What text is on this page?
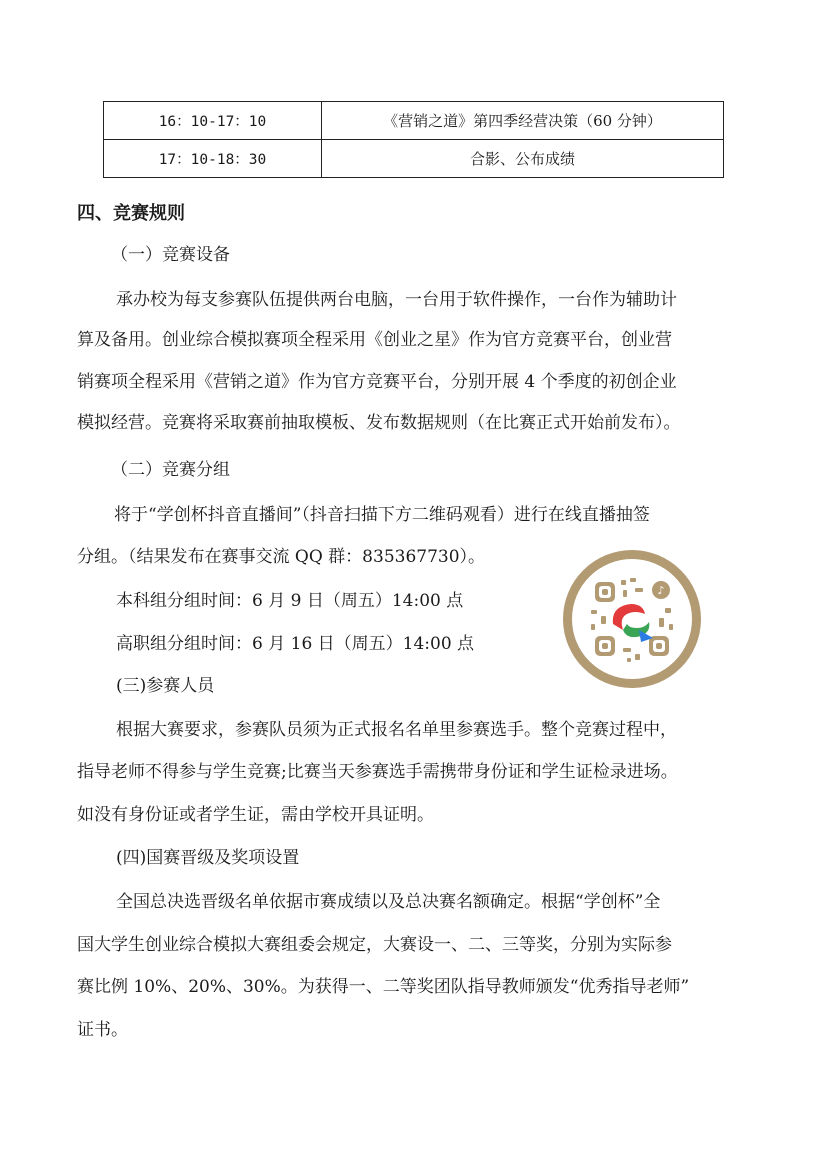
16：10-17：10	《营销之道》第四季经营决策（60 分钟）
17：10-18：30	合影、公布成绩
四、竞赛规则
（一）竞赛设备
承办校为每支参赛队伍提供两台电脑，一台用于软件操作，一台作为辅助计
算及备用。创业综合模拟赛项全程采用《创业之星》作为官方竞赛平台，创业营
销赛项全程采用《营销之道》作为官方竞赛平台，分别开展 4 个季度的初创企业
模拟经营。竞赛将采取赛前抽取模板、发布数据规则（在比赛正式开始前发布）。
（二）竞赛分组
将于“学创杯抖音直播间”（抖音扫描下方二维码观看）进行在线直播抽签
分组。（结果发布在赛事交流 QQ 群：835367730）。
本科组分组时间：6 月 9 日（周五）14:00 点
高职组分组时间：6 月 16 日（周五）14:00 点
(三)参赛人员
根据大赛要求，参赛队员须为正式报名名单里参赛选手。整个竞赛过程中，
指导老师不得参与学生竞赛;比赛当天参赛选手需携带身份证和学生证检录进场。
如没有身份证或者学生证，需由学校开具证明。
(四)国赛晋级及奖项设置
全国总决选晋级名单依据市赛成绩以及总决赛名额确定。根据“学创杯”全
国大学生创业综合模拟大赛组委会规定，大赛设一、二、三等奖，分别为实际参
赛比例 10%、20%、30%。为获得一、二等奖团队指导教师颁发“优秀指导老师”
证书。
♪
